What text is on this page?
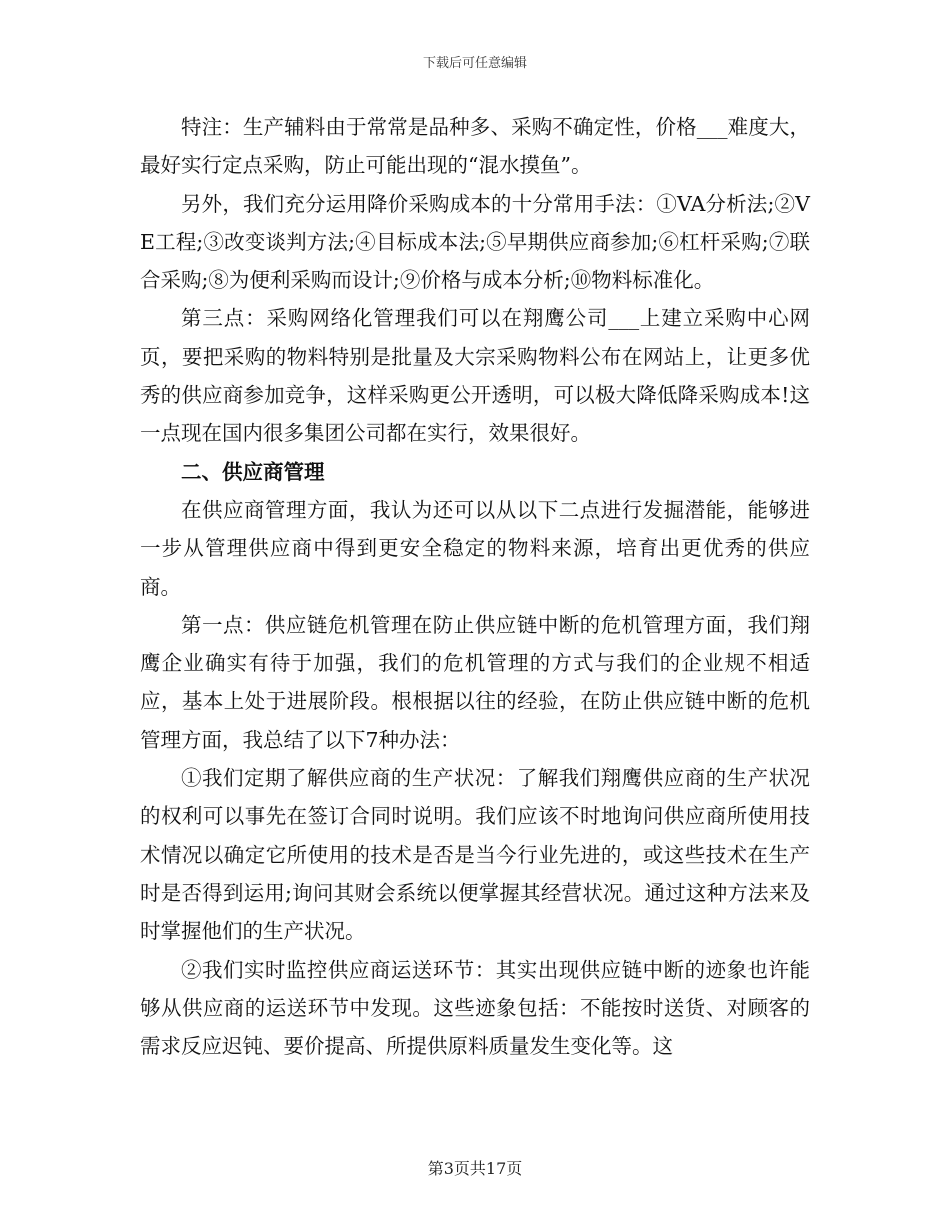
下载后可任意编辑

特注：生产辅料由于常常是品种多、采购不确定性，价格___难度大，最好实行定点采购，防止可能出现的“混水摸鱼”。

另外，我们充分运用降价采购成本的十分常用手法：①VA分析法;②VE工程;③改变谈判方法;④目标成本法;⑤早期供应商参加;⑥杠杆采购;⑦联合采购;⑧为便利采购而设计;⑨价格与成本分析;⑩物料标准化。

第三点：采购网络化管理我们可以在翔鹰公司___上建立采购中心网页，要把采购的物料特别是批量及大宗采购物料公布在网站上，让更多优秀的供应商参加竞争，这样采购更公开透明，可以极大降低降采购成本!这一点现在国内很多集团公司都在实行，效果很好。

二、供应商管理

在供应商管理方面，我认为还可以从以下二点进行发掘潜能，能够进一步从管理供应商中得到更安全稳定的物料来源，培育出更优秀的供应商。

第一点：供应链危机管理在防止供应链中断的危机管理方面，我们翔鹰企业确实有待于加强，我们的危机管理的方式与我们的企业规不相适应，基本上处于进展阶段。根根据以往的经验，在防止供应链中断的危机管理方面，我总结了以下7种办法：

①我们定期了解供应商的生产状况：了解我们翔鹰供应商的生产状况的权利可以事先在签订合同时说明。我们应该不时地询问供应商所使用技术情况以确定它所使用的技术是否是当今行业先进的，或这些技术在生产时是否得到运用;询问其财会系统以便掌握其经营状况。通过这种方法来及时掌握他们的生产状况。

②我们实时监控供应商运送环节：其实出现供应链中断的迹象也许能够从供应商的运送环节中发现。这些迹象包括：不能按时送货、对顾客的需求反应迟钝、要价提高、所提供原料质量发生变化等。这

第3页共17页
